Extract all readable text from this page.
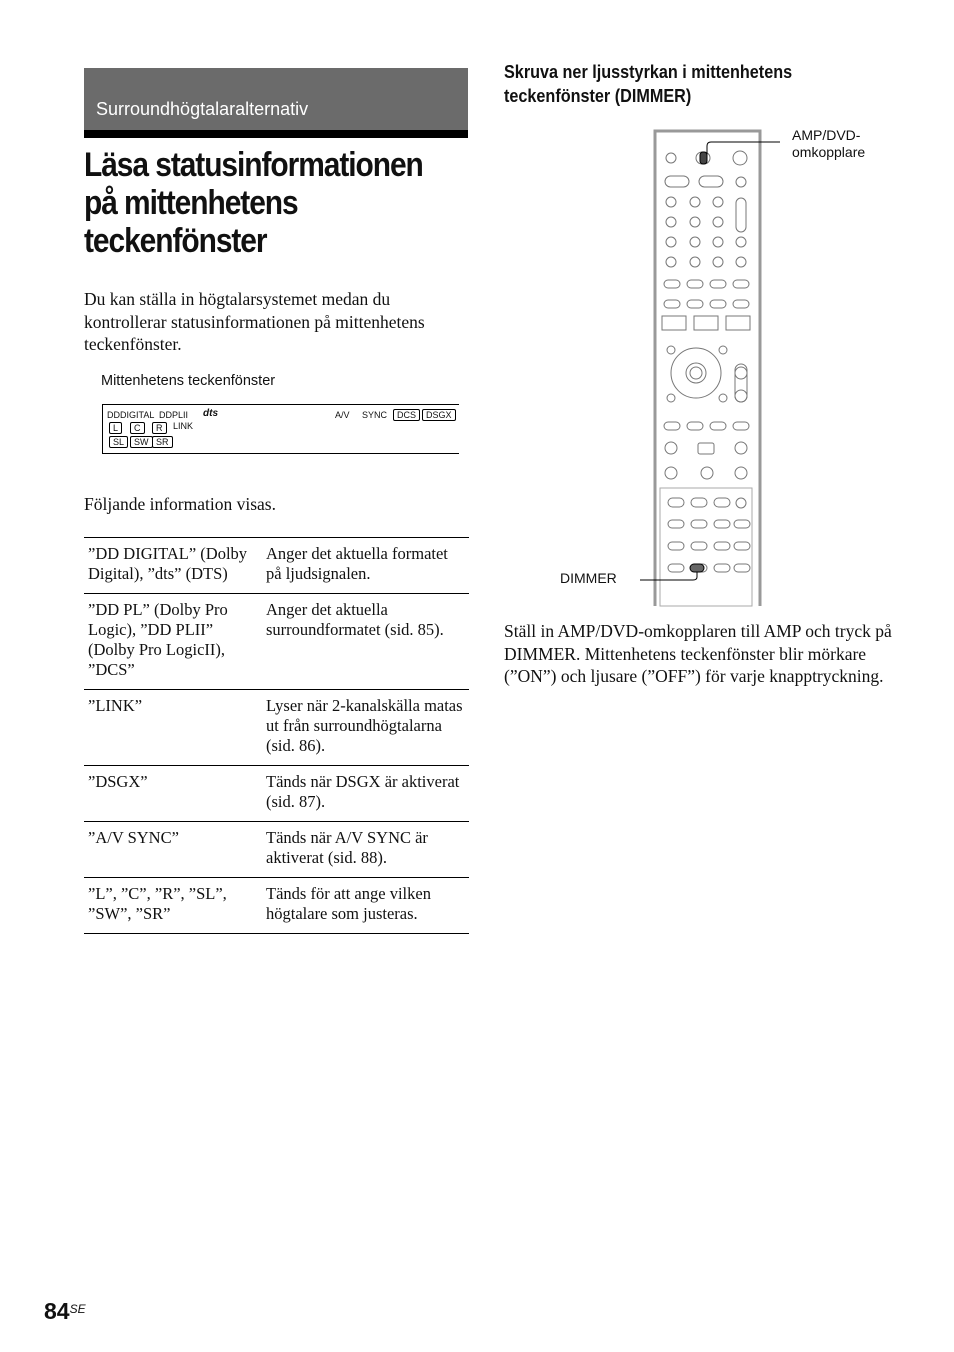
Surroundhögtalaralternativ
Läsa statusinformationen på mittenhetens teckenfönster
Du kan ställa in högtalarsystemet medan du kontrollerar statusinformationen på mittenhetens teckenfönster.
Mittenhetens teckenfönster
DDDIGITAL DDPLII dts	A/V SYNC	DCS	DSGX
L	C	R	LINK
SL	SW SR
Följande information visas.
”DD DIGITAL” (Dolby Digital), ”dts” (DTS)	Anger det aktuella formatet på ljudsignalen.
”DD PL” (Dolby Pro Logic), ”DD PLII” (Dolby Pro LogicII), ”DCS”	Anger det aktuella surroundformatet (sid. 85).
”LINK”	Lyser när 2-kanalskälla matas ut från surroundhögtalarna (sid. 86).
”DSGX”	Tänds när DSGX är aktiverat (sid. 87).
”A/V SYNC”	Tänds när A/V SYNC är aktiverat (sid. 88).
”L”, ”C”, ”R”, ”SL”, ”SW”, ”SR”	Tänds för att ange vilken högtalare som justeras.
Skruva ner ljusstyrkan i mittenhetens teckenfönster (DIMMER)
AMP/DVD-omkopplare
DIMMER
Ställ in AMP/DVD-omkopplaren till AMP och tryck på DIMMER. Mittenhetens teckenfönster blir mörkare (”ON”) och ljusare (”OFF”) för varje knapptryckning.
$84^{SE}$
